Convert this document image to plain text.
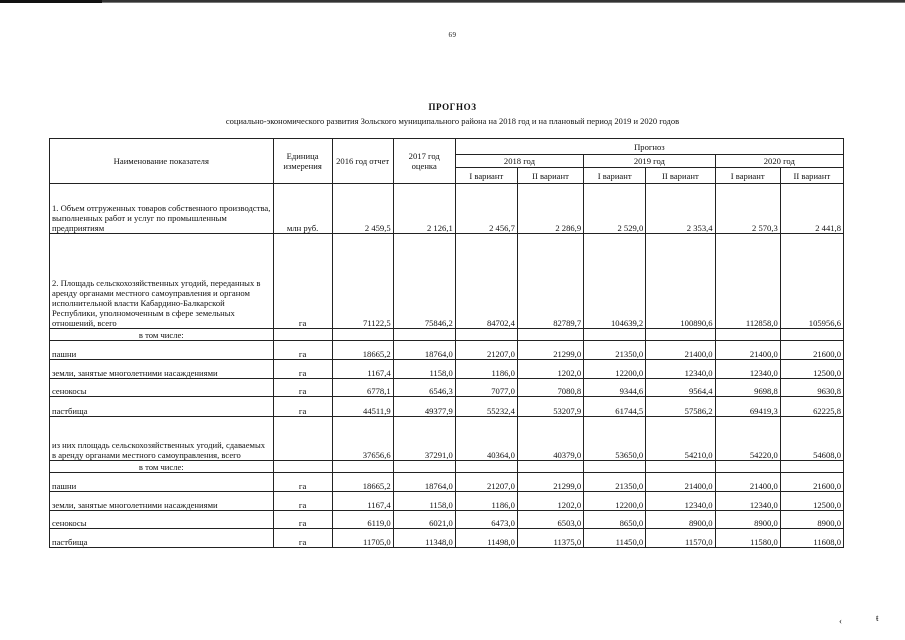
69
ПРОГНОЗ
социально-экономического развития Зольского муниципального района на 2018 год и на плановый период 2019 и 2020 годов
Наименование показателя	Единица измерения	2016 год отчет	2017 год оценка	Прогноз					
				2018 год		2019 год		2020 год	
				I вариант	II вариант	I вариант	II вариант	I вариант	II вариант
1. Объем отгруженных товаров собственного производства, выполненных работ и услуг по промышленным предприятиям	млн руб.	2 459,5	2 126,1	2 456,7	2 286,9	2 529,0	2 353,4	2 570,3	2 441,8
2. Площадь сельскохозяйственных угодий, переданных в аренду органами местного самоуправления и органом исполнительной власти Кабардино-Балкарской Республики, уполномоченным в сфере земельных отношений, всего	га	71122,5	75846,2	84702,4	82789,7	104639,2	100890,6	112858,0	105956,6
в том числе:									
пашни	га	18665,2	18764,0	21207,0	21299,0	21350,0	21400,0	21400,0	21600,0
земли, занятые многолетними насаждениями	га	1167,4	1158,0	1186,0	1202,0	12200,0	12340,0	12340,0	12500,0
сенокосы	га	6778,1	6546,3	7077,0	7080,8	9344,6	9564,4	9698,8	9630,8
пастбища	га	44511,9	49377,9	55232,4	53207,9	61744,5	57586,2	69419,3	62225,8
из них площадь сельскохозяйственных угодий, сдаваемых в аренду органами местного самоуправления, всего		37656,6	37291,0	40364,0	40379,0	53650,0	54210,0	54220,0	54608,0
в том числе:									
пашни	га	18665,2	18764,0	21207,0	21299,0	21350,0	21400,0	21400,0	21600,0
земли, занятые многолетними насаждениями	га	1167,4	1158,0	1186,0	1202,0	12200,0	12340,0	12340,0	12500,0
сенокосы	га	6119,0	6021,0	6473,0	6503,0	8650,0	8900,0	8900,0	8900,0
пастбища	га	11705,0	11348,0	11498,0	11375,0	11450,0	11570,0	11580,0	11608,0
‹	ŧ
